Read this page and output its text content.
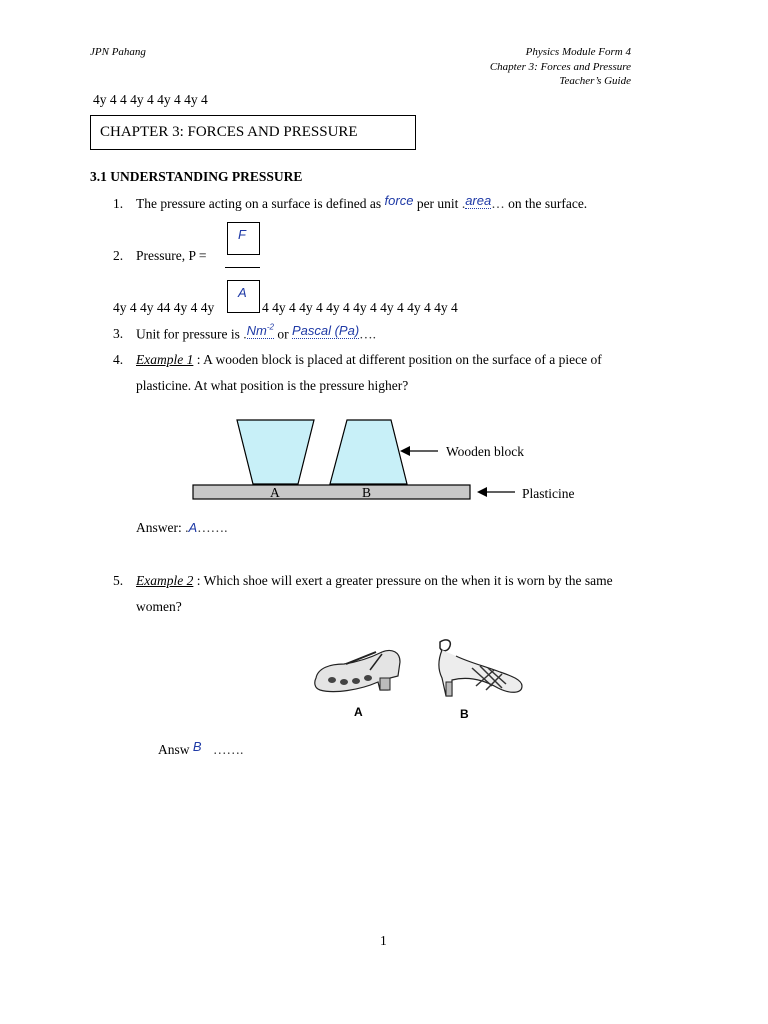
JPN Pahang	Physics Module Form 4
Chapter 3: Forces and Pressure
Teacher’s Guide
4y 4 4 4y 4 4y 4 4y 4
CHAPTER 3: FORCES AND PRESSURE
3.1 UNDERSTANDING PRESSURE
1. The pressure acting on a surface is defined as force per unit .area… on the surface.
2. Pressure, P =
F
A
4y 4 4y 44 4y 4 4y	4 4y 4 4y 4 4y 4 4y 4 4y 4 4y 4 4y 4
3. Unit for pressure is $.Nm^{-2}$ or Pascal (Pa)….
4. Example 1 : A wooden block is placed at different position on the surface of a piece of
plasticine. At what position is the pressure higher?
A	B
Wooden block
Plasticine
Answer: .A…….
5. Example 2 : Which shoe will exert a greater pressure on the when it is worn by the same
women?
A	B
Answ B …….
1
